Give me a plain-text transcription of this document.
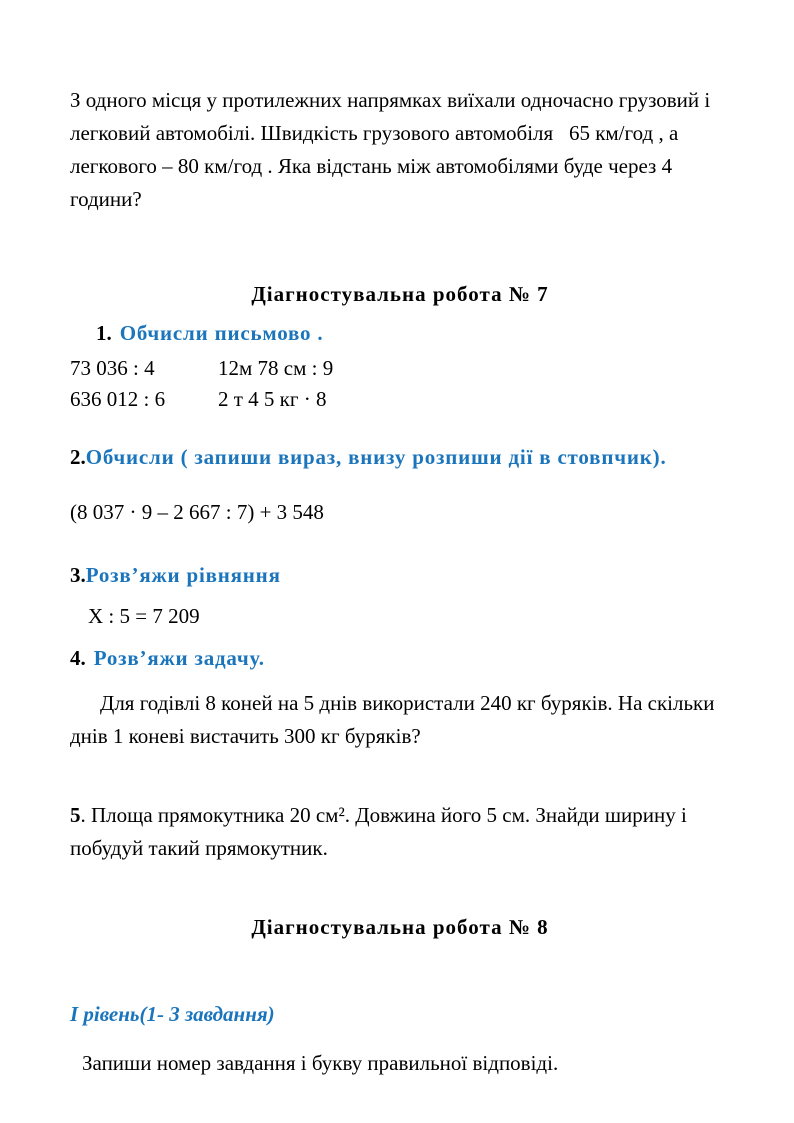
З одного місця у протилежних напрямках виїхали одночасно грузовий і легковий автомобілі. Швидкість грузового автомобіля   65 км/год , а легкового – 80 км/год . Яка відстань між автомобілями буде через 4 години?

Діагностувальна робота № 7

1. Обчисли письмово .

73 036 : 4	12м 78 см : 9
636 012 : 6	2 т 4 5 кг · 8

2.Обчисли ( запиши вираз, внизу розпиши дії в стовпчик).

(8 037 · 9 – 2 667 : 7) + 3 548

3.Розв’яжи рівняння

Х : 5 = 7 209

4. Розв’яжи задачу.

Для годівлі 8 коней на 5 днів використали 240 кг буряків. На скільки днів 1 коневі вистачить 300 кг буряків?

5. Площа прямокутника 20 см². Довжина його 5 см. Знайди ширину і побудуй такий прямокутник.

Діагностувальна робота № 8

І рівень(1- 3 завдання)

Запиши номер завдання і букву правильної відповіді.
